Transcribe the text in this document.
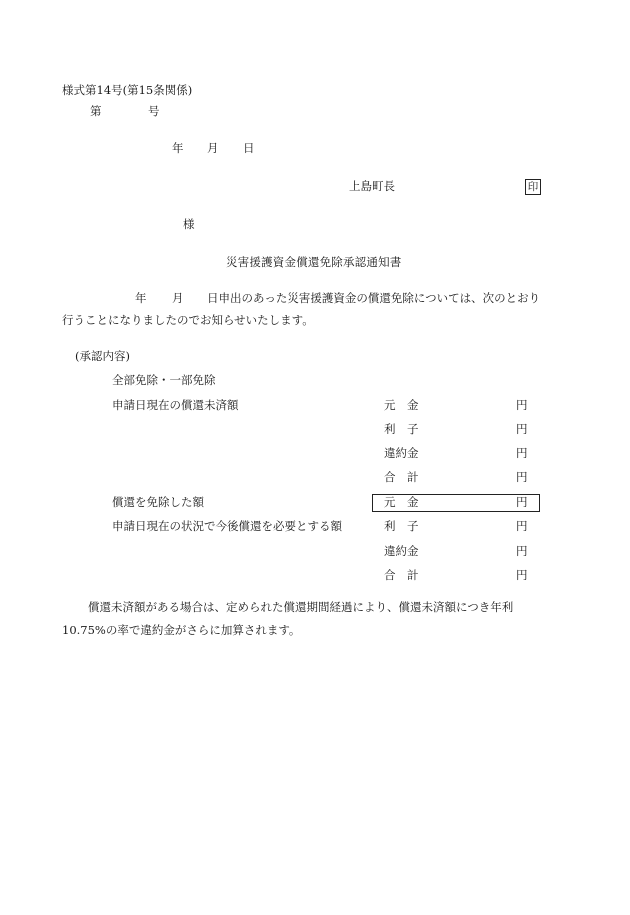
様式第14号(第15条関係)
第	号
年 月 日
上島町長	印
様
災害援護資金償還免除承認通知書
年 月 日申出のあった災害援護資金の償還免除については、次のとおり
行うことになりましたのでお知らせいたします。
(承認内容)
全部免除・一部免除
申請日現在の償還未済額	元　金	円
利　子	円
違約金	円
合　計	円
償還を免除した額	元　金	円
申請日現在の状況で今後償還を必要とする額	利　子	円
違約金	円
合　計	円
償還未済額がある場合は、定められた償還期間経過により、償還未済額につき年利
10.75%の率で違約金がさらに加算されます。
